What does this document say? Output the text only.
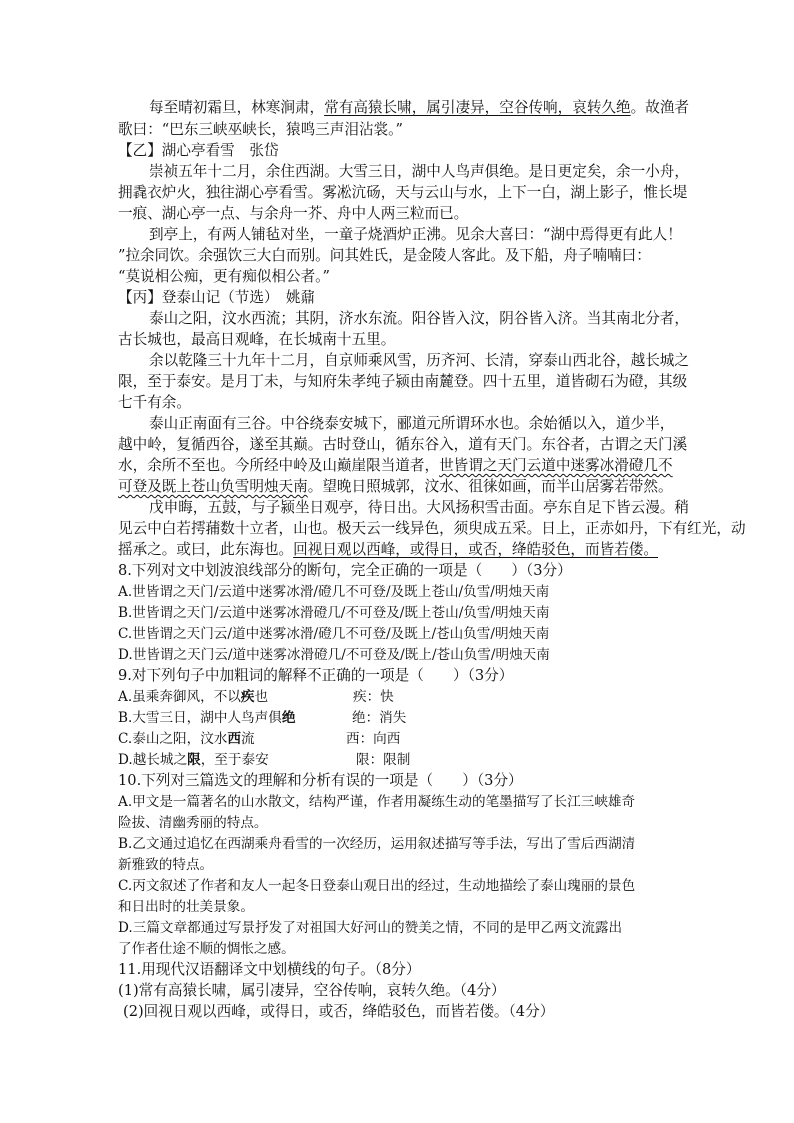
每至晴初霜旦，林寒涧肃，常有高猿长啸，属引凄异，空谷传响，哀转久绝。故渔者
歌曰：“巴东三峡巫峡长，猿鸣三声泪沾裳。”
【乙】湖心亭看雪　张岱
崇祯五年十二月，余住西湖。大雪三日，湖中人鸟声俱绝。是日更定矣，余一小舟，
拥毳衣炉火，独往湖心亭看雪。雾凇沆砀，天与云山与水，上下一白，湖上影子，惟长堤
一痕、湖心亭一点、与余舟一芥、舟中人两三粒而已。
到亭上，有两人铺毡对坐，一童子烧酒炉正沸。见余大喜曰：“湖中焉得更有此人！
”拉余同饮。余强饮三大白而别。问其姓氏，是金陵人客此。及下船，舟子喃喃曰：
“莫说相公痴，更有痴似相公者。”
【丙】登泰山记（节选）　姚鼐
泰山之阳，汶水西流；其阴，济水东流。阳谷皆入汶，阴谷皆入济。当其南北分者，
古长城也，最高日观峰，在长城南十五里。
余以乾隆三十九年十二月，自京师乘风雪，历齐河、长清，穿泰山西北谷，越长城之
限，至于泰安。是月丁未，与知府朱孝纯子颍由南麓登。四十五里，道皆砌石为磴，其级
七千有余。
泰山正南面有三谷。中谷绕泰安城下，郦道元所谓环水也。余始循以入，道少半，
越中岭，复循西谷，遂至其巅。古时登山，循东谷入，道有天门。东谷者，古谓之天门溪
水，余所不至也。今所经中岭及山巅崖限当道者，世皆谓之天门云道中迷雾冰滑磴几不
可登及既上苍山负雪明烛天南。望晚日照城郭，汶水、徂徕如画，而半山居雾若带然。
戊申晦，五鼓，与子颍坐日观亭，待日出。大风扬积雪击面。亭东自足下皆云漫。稍
见云中白若摴蒱数十立者，山也。极天云一线异色，须臾成五采。日上，正赤如丹，下有红光，动
摇承之。或曰，此东海也。回视日观以西峰，或得日，或否，绛皓驳色，而皆若偻。
8.下列对文中划波浪线部分的断句，完全正确的一项是（　　）（3分）
A.世皆谓之天门/云道中迷雾冰滑/磴几不可登/及既上苍山/负雪/明烛天南
B.世皆谓之天门/云道中迷雾冰滑磴几/不可登及/既上苍山/负雪/明烛天南
C.世皆谓之天门云/道中迷雾冰滑/磴几不可登/及既上/苍山负雪/明烛天南
D.世皆谓之天门云/道中迷雾冰滑磴几/不可登及/既上/苍山负雪/明烛天南
9.对下列句子中加粗词的解释不正确的一项是（　　）（3分）
A.虽乘奔御风，不以疾也	疾：快
B.大雪三日，湖中人鸟声俱绝	绝：消失
C.泰山之阳，汶水西流	西：向西
D.越长城之限，至于泰安	限：限制
10.下列对三篇选文的理解和分析有误的一项是（　　）（3分）
A.甲文是一篇著名的山水散文，结构严谨，作者用凝练生动的笔墨描写了长江三峡雄奇
险拔、清幽秀丽的特点。
B.乙文通过追忆在西湖乘舟看雪的一次经历，运用叙述描写等手法，写出了雪后西湖清
新雅致的特点。
C.丙文叙述了作者和友人一起冬日登泰山观日出的经过，生动地描绘了泰山瑰丽的景色
和日出时的壮美景象。
D.三篇文章都通过写景抒发了对祖国大好河山的赞美之情，不同的是甲乙两文流露出
了作者仕途不顺的惆怅之感。
11.用现代汉语翻译文中划横线的句子。（8分）
(1)常有高猿长啸，属引凄异，空谷传响，哀转久绝。（4分）
(2)回视日观以西峰，或得日，或否，绛皓驳色，而皆若偻。（4分）
